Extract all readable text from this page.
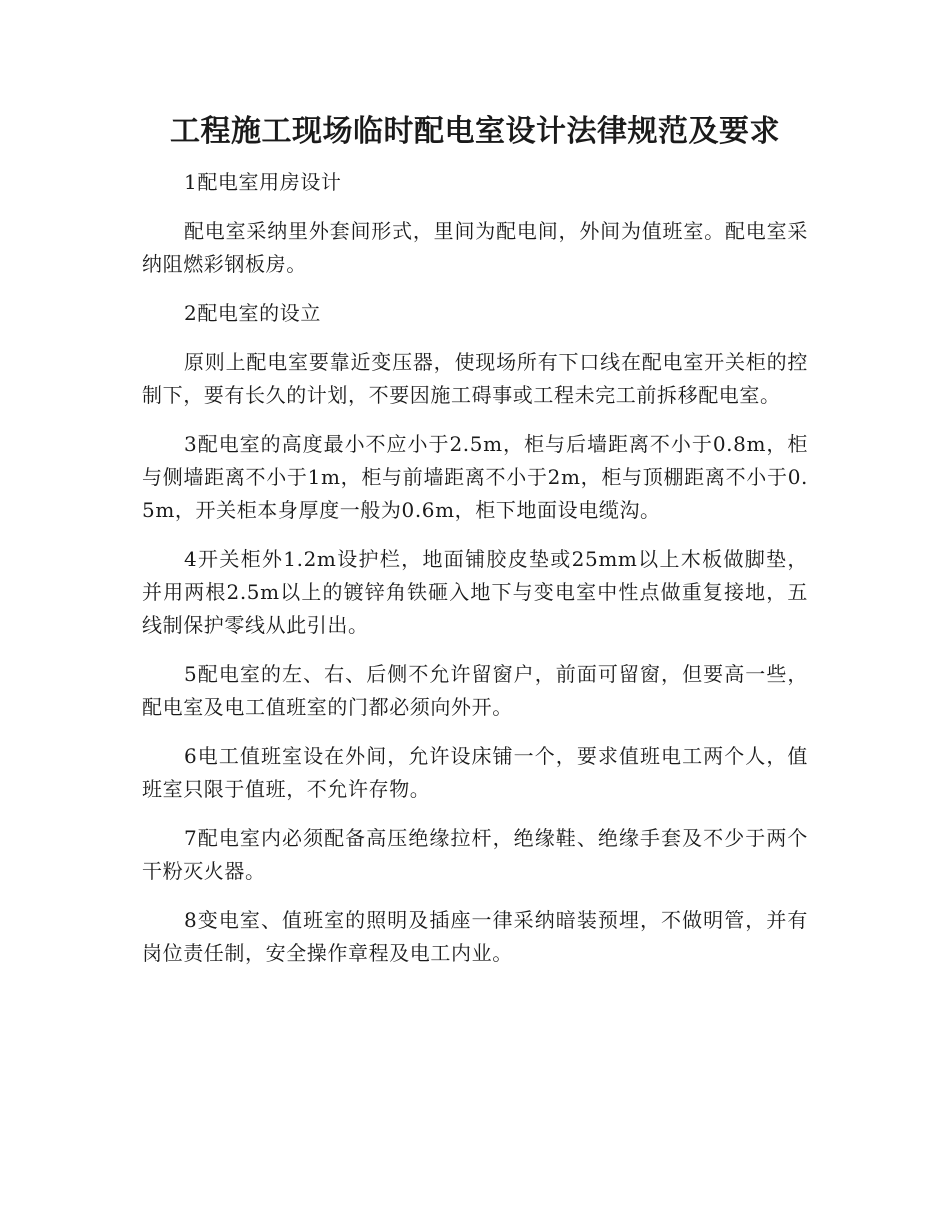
工程施工现场临时配电室设计法律规范及要求

1配电室用房设计

配电室采纳里外套间形式，里间为配电间，外间为值班室。配电室采纳阻燃彩钢板房。

2配电室的设立

原则上配电室要靠近变压器，使现场所有下口线在配电室开关柜的控制下，要有长久的计划，不要因施工碍事或工程未完工前拆移配电室。

3配电室的高度最小不应小于2.5m，柜与后墙距离不小于0.8m，柜与侧墙距离不小于1m，柜与前墙距离不小于2m，柜与顶棚距离不小于0.5m，开关柜本身厚度一般为0.6m，柜下地面设电缆沟。

4开关柜外1.2m设护栏，地面铺胶皮垫或25mm以上木板做脚垫，并用两根2.5m以上的镀锌角铁砸入地下与变电室中性点做重复接地，五线制保护零线从此引出。

5配电室的左、右、后侧不允许留窗户，前面可留窗，但要高一些，配电室及电工值班室的门都必须向外开。

6电工值班室设在外间，允许设床铺一个，要求值班电工两个人，值班室只限于值班，不允许存物。

7配电室内必须配备高压绝缘拉杆，绝缘鞋、绝缘手套及不少于两个干粉灭火器。

8变电室、值班室的照明及插座一律采纳暗装预埋，不做明管，并有岗位责任制，安全操作章程及电工内业。
